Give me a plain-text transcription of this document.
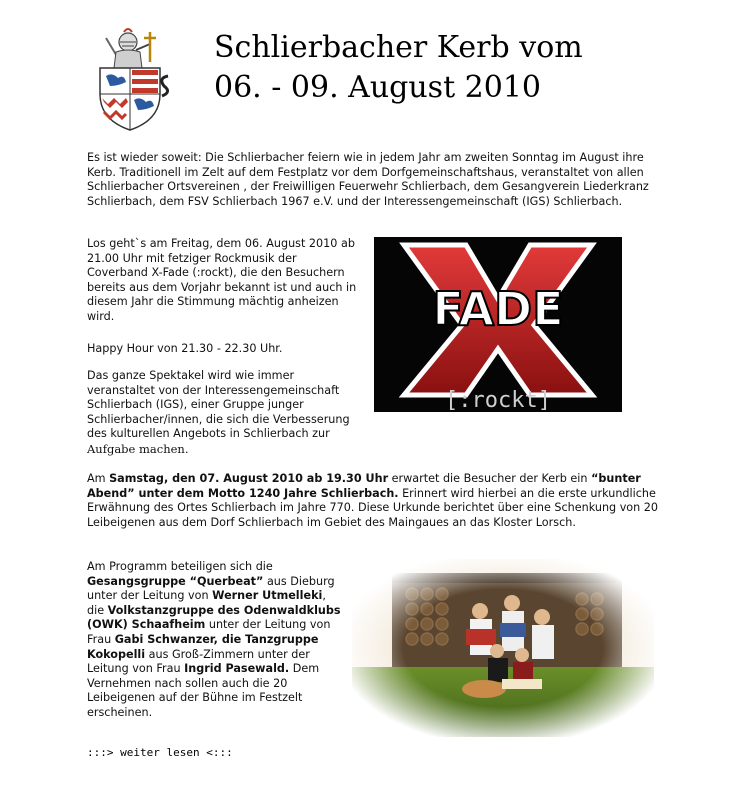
Schlierbacher Kerb vom
06. - 09. August 2010

Es ist wieder soweit: Die Schlierbacher feiern wie in jedem Jahr am zweiten Sonntag im August ihre Kerb. Traditionell im Zelt auf dem Festplatz vor dem Dorfgemeinschaftshaus, veranstaltet von allen Schlierbacher Ortsvereinen , der Freiwilligen Feuerwehr Schlierbach, dem Gesangverein Liederkranz Schlierbach, dem FSV Schlierbach 1967 e.V. und der Interessengemeinschaft (IGS) Schlierbach.

Los geht`s am Freitag, dem 06. August 2010 ab 21.00 Uhr mit fetziger Rockmusik der Coverband X-Fade (:rockt), die den Besuchern bereits aus dem Vorjahr bekannt ist und auch in diesem Jahr die Stimmung mächtig anheizen wird.

Happy Hour von 21.30 - 22.30 Uhr.

Das ganze Spektakel wird wie immer veranstaltet von der Interessengemeinschaft Schlierbach (IGS), einer Gruppe junger Schlierbacher/innen, die sich die Verbesserung des kulturellen Angebots in Schlierbach zur Aufgabe machen.

FADE
[:rockt]

Am Samstag, den 07. August 2010 ab 19.30 Uhr erwartet die Besucher der Kerb ein “bunter Abend” unter dem Motto 1240 Jahre Schlierbach. Erinnert wird hierbei an die erste urkundliche Erwähnung des Ortes Schlierbach im Jahre 770. Diese Urkunde berichtet über eine Schenkung von 20 Leibeigenen aus dem Dorf Schlierbach im Gebiet des Maingaues an das Kloster Lorsch.

Am Programm beteiligen sich die Gesangsgruppe “Querbeat” aus Dieburg unter der Leitung von Werner Utmelleki, die Volkstanzgruppe des Odenwaldklubs (OWK) Schaafheim unter der Leitung von Frau Gabi Schwanzer, die Tanzgruppe Kokopelli aus Groß-Zimmern unter der Leitung von Frau Ingrid Pasewald. Dem Vernehmen nach sollen auch die 20 Leibeigenen auf der Bühne im Festzelt erscheinen.

:::> weiter lesen <:::
